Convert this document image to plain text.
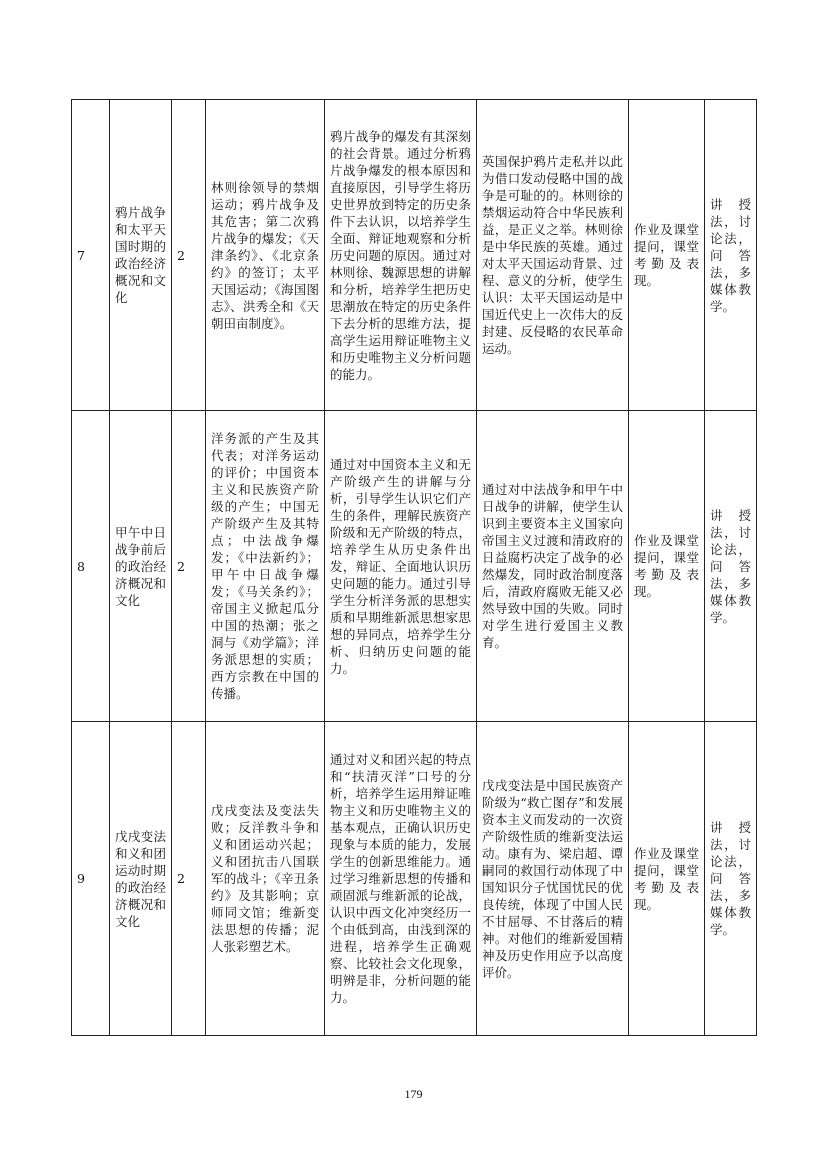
7	鸦片战争和太平天国时期的政治经济概况和文化	2	林则徐领导的禁烟运动；鸦片战争及其危害；第二次鸦片战争的爆发；《天津条约》、《北京条约》的签订；太平天国运动；《海国图志》、洪秀全和《天朝田亩制度》。	鸦片战争的爆发有其深刻的社会背景。通过分析鸦片战争爆发的根本原因和直接原因，引导学生将历史世界放到特定的历史条件下去认识，以培养学生全面、辩证地观察和分析历史问题的原因。通过对林则徐、魏源思想的讲解和分析，培养学生把历史思潮放在特定的历史条件下去分析的思维方法，提高学生运用辩证唯物主义和历史唯物主义分析问题的能力。	英国保护鸦片走私并以此为借口发动侵略中国的战争是可耻的的。林则徐的禁烟运动符合中华民族利益，是正义之举。林则徐是中华民族的英雄。通过对太平天国运动背景、过程、意义的分析，使学生认识：太平天国运动是中国近代史上一次伟大的反封建、反侵略的农民革命运动。	作业及课堂提问，课堂考勤及表现。	讲授法，讨论法，问答法，多媒体教学。
8	甲午中日战争前后的政治经济概况和文化	2	洋务派的产生及其代表；对洋务运动的评价；中国资本主义和民族资产阶级的产生；中国无产阶级产生及其特点；中法战争爆发；《中法新约》；甲午中日战争爆发；《马关条约》；帝国主义掀起瓜分中国的热潮；张之洞与《劝学篇》；洋务派思想的实质；西方宗教在中国的传播。	通过对中国资本主义和无产阶级产生的讲解与分析，引导学生认识它们产生的条件，理解民族资产阶级和无产阶级的特点，培养学生从历史条件出发，辩证、全面地认识历史问题的能力。通过引导学生分析洋务派的思想实质和早期维新派思想家思想的异同点，培养学生分析、归纳历史问题的能力。	通过对中法战争和甲午中日战争的讲解，使学生认识到主要资本主义国家向帝国主义过渡和清政府的日益腐朽决定了战争的必然爆发，同时政治制度落后，清政府腐败无能又必然导致中国的失败。同时对学生进行爱国主义教育。	作业及课堂提问，课堂考勤及表现。	讲授法，讨论法，问答法，多媒体教学。
9	戊戌变法和义和团运动时期的政治经济概况和文化	2	戊戌变法及变法失败；反洋教斗争和义和团运动兴起；义和团抗击八国联军的战斗；《辛丑条约》及其影响；京师同文馆；维新变法思想的传播；泥人张彩塑艺术。	通过对义和团兴起的特点和“扶清灭洋”口号的分析，培养学生运用辩证唯物主义和历史唯物主义的基本观点，正确认识历史现象与本质的能力，发展学生的创新思维能力。通过学习维新思想的传播和顽固派与维新派的论战，认识中西文化冲突经历一个由低到高，由浅到深的进程，培养学生正确观察、比较社会文化现象，明辨是非，分析问题的能力。	戊戌变法是中国民族资产阶级为“救亡图存”和发展资本主义而发动的一次资产阶级性质的维新变法运动。康有为、梁启超、谭嗣同的救国行动体现了中国知识分子忧国忧民的优良传统，体现了中国人民不甘屈辱、不甘落后的精神。对他们的维新爱国精神及历史作用应予以高度评价。	作业及课堂提问，课堂考勤及表现。	讲授法，讨论法，问答法，多媒体教学。
179
